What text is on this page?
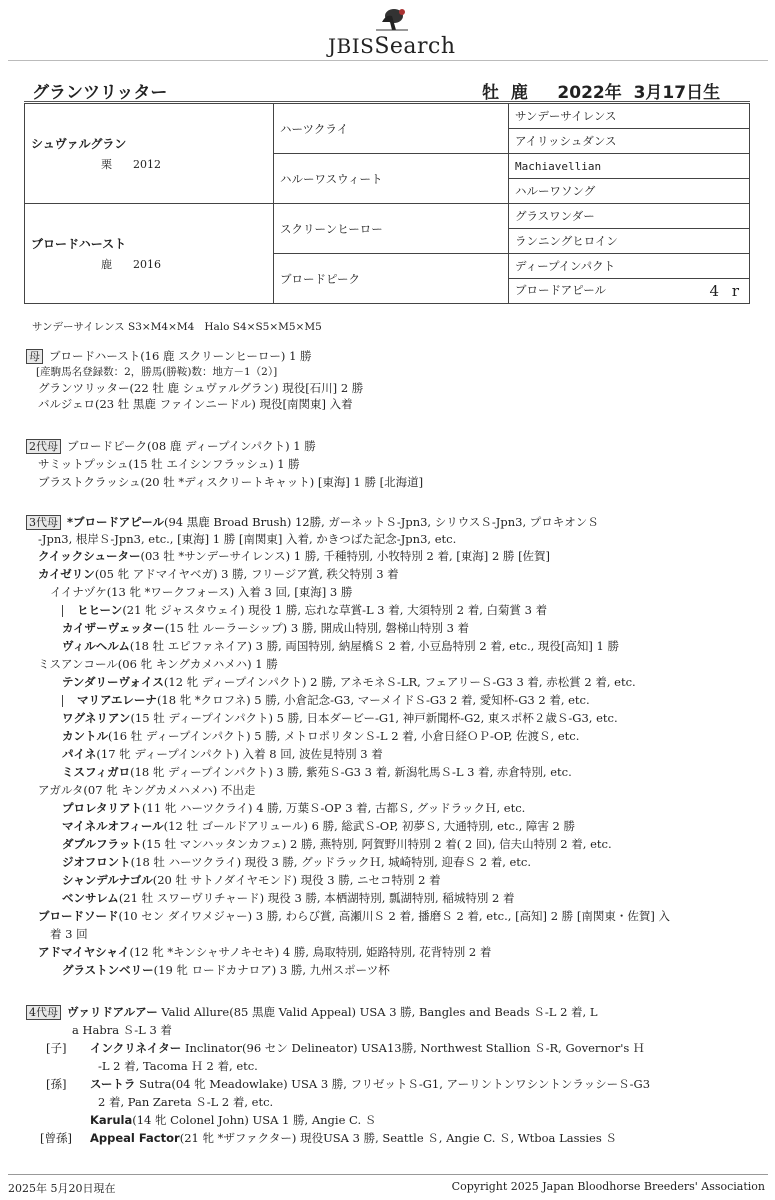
JBISSearch
グランツリッター	牡  鹿     2022年  3月17日生
シュヴァルグラン
栗      2012	ハーツクライ	サンデーサイレンス
		アイリッシュダンス
	ハルーワスウィート	Machiavellian
		ハルーワソング

ブロードハースト
鹿      2016	スクリーンヒーロー	グラスワンダー
		ランニングヒロイン
	ブロードピーク	ディープインパクト
		ブロードアピール 4 r
サンデーサイレンス S3×M4×M4   Halo S4×S5×M5×M5
母 ブロードハースト(16 鹿 スクリーンヒーロー) 1 勝
[産駒馬名登録数：2，勝馬(勝鞍)数：地方－1（2）]
グランツリッター(22 牡 鹿 シュヴァルグラン) 現役[石川] 2 勝
バルジェロ(23 牡 黒鹿 ファインニードル) 現役[南関東] 入着
2代母 ブロードピーク(08 鹿 ディープインパクト) 1 勝
サミットプッシュ(15 牡 エイシンフラッシュ) 1 勝
ブラストクラッシュ(20 牡 *ディスクリートキャット) [東海] 1 勝 [北海道]
3代母 *ブロードアピール(94 黒鹿 Broad Brush) 12勝, ガーネットＳ-Jpn3, シリウスＳ-Jpn3, プロキオンＳ
-Jpn3, 根岸Ｓ-Jpn3, etc., [東海] 1 勝 [南関東] 入着, かきつばた記念-Jpn3, etc.
クイックシューター(03 牡 *サンデーサイレンス) 1 勝, 千種特別, 小牧特別 2 着, [東海] 2 勝 [佐賀]
カイゼリン(05 牝 アドマイヤベガ) 3 勝, フリージア賞, 秩父特別 3 着
イイナヅケ(13 牝 *ワークフォース) 入着 3 回, [東海] 3 勝
ヒヒーン(21 牝 ジャスタウェイ) 現役 1 勝, 忘れな草賞-L 3 着, 大須特別 2 着, 白菊賞 3 着
カイザーヴェッター(15 牡 ルーラーシップ) 3 勝, 開成山特別, 磐梯山特別 3 着
ヴィルヘルム(18 牡 エピファネイア) 3 勝, 両国特別, 納屋橋Ｓ 2 着, 小豆島特別 2 着, etc., 現役[高知] 1 勝
ミスアンコール(06 牝 キングカメハメハ) 1 勝
テンダリーヴォイス(12 牝 ディープインパクト) 2 勝, アネモネＳ-LR, フェアリーＳ-G3 3 着, 赤松賞 2 着, etc.
マリアエレーナ(18 牝 *クロフネ) 5 勝, 小倉記念-G3, マーメイドＳ-G3 2 着, 愛知杯-G3 2 着, etc.
ワグネリアン(15 牡 ディープインパクト) 5 勝, 日本ダービー-G1, 神戸新聞杯-G2, 東スポ杯２歳Ｓ-G3, etc.
カントル(16 牡 ディープインパクト) 5 勝, メトロポリタンＳ-L 2 着, 小倉日経ＯＰ-OP, 佐渡Ｓ, etc.
パイネ(17 牝 ディープインパクト) 入着 8 回, 波佐見特別 3 着
ミスフィガロ(18 牝 ディープインパクト) 3 勝, 紫苑Ｓ-G3 3 着, 新潟牝馬Ｓ-L 3 着, 赤倉特別, etc.
アガルタ(07 牝 キングカメハメハ) 不出走
プロレタリアト(11 牝 ハーツクライ) 4 勝, 万葉Ｓ-OP 3 着, 古都Ｓ, グッドラックＨ, etc.
マイネルオフィール(12 牡 ゴールドアリュール) 6 勝, 総武Ｓ-OP, 初夢Ｓ, 大通特別, etc., 障害 2 勝
ダブルフラット(15 牡 マンハッタンカフェ) 2 勝, 燕特別, 阿賀野川特別 2 着( 2 回), 信夫山特別 2 着, etc.
ジオフロント(18 牡 ハーツクライ) 現役 3 勝, グッドラックＨ, 城崎特別, 迎春Ｓ 2 着, etc.
シャンデルナゴル(20 牡 サトノダイヤモンド) 現役 3 勝, ニセコ特別 2 着
ベンサレム(21 牡 スワーヴリチャード) 現役 3 勝, 本栖湖特別, 瓢湖特別, 稲城特別 2 着
ブロードソード(10 セン ダイワメジャー) 3 勝, わらび賞, 高瀬川Ｓ 2 着, 播磨Ｓ 2 着, etc., [高知] 2 勝 [南関東・佐賀] 入
着 3 回
アドマイヤシャイ(12 牝 *キンシャサノキセキ) 4 勝, 鳥取特別, 姫路特別, 花背特別 2 着
グラストンベリー(19 牝 ロードカナロア) 3 勝, 九州スポーツ杯
4代母 ヴァリドアルアー Valid Allure(85 黒鹿 Valid Appeal) USA 3 勝, Bangles and Beads Ｓ-L 2 着, L
a Habra Ｓ-L 3 着
[子] インクリネイター Inclinator(96 セン Delineator) USA13勝, Northwest Stallion Ｓ-R, Governor's Ｈ
-L 2 着, Tacoma Ｈ 2 着, etc.
[孫] スートラ Sutra(04 牝 Meadowlake) USA 3 勝, フリゼットＳ-G1, アーリントンワシントンラッシーＳ-G3
2 着, Pan Zareta Ｓ-L 2 着, etc.
Karula(14 牝 Colonel John) USA 1 勝, Angie C. Ｓ
[曾孫] Appeal Factor(21 牝 *ザファクター) 現役USA 3 勝, Seattle Ｓ, Angie C. Ｓ, Wtboa Lassies Ｓ
2025年 5月20日現在	Copyright 2025 Japan Bloodhorse Breeders' Association
